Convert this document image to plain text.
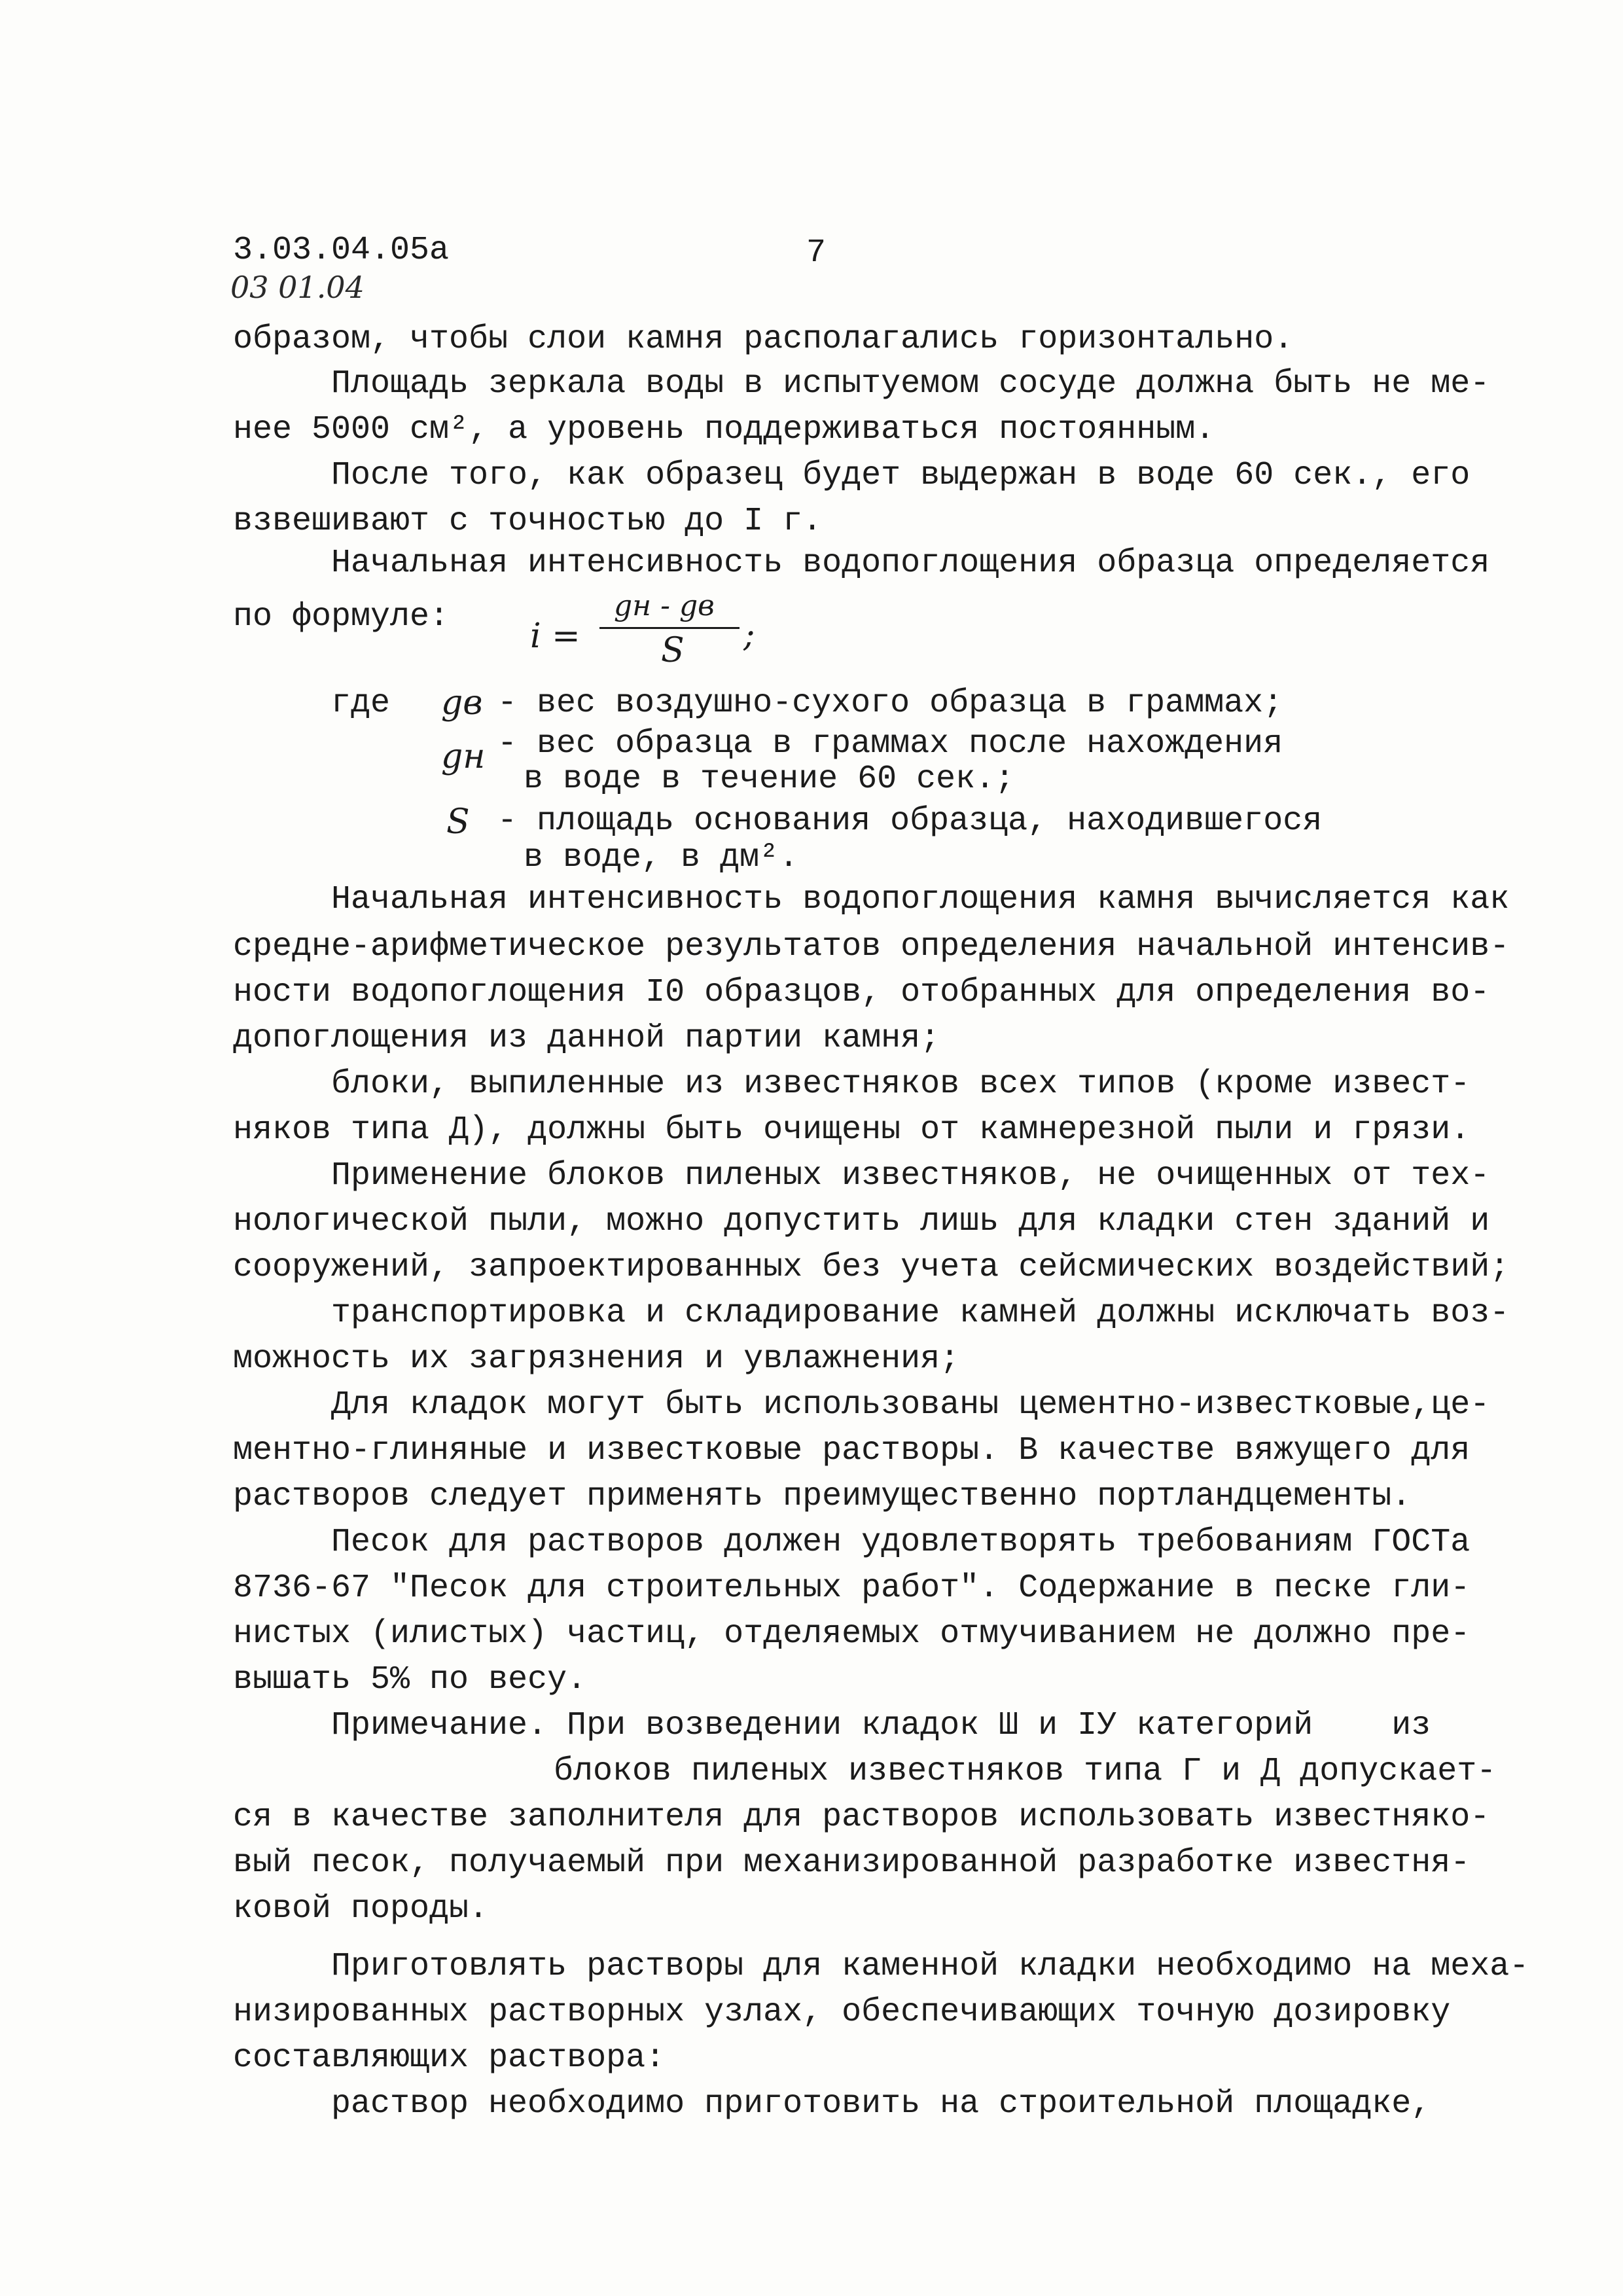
3.03.04.05а
03 01.04
7
образом, чтобы слои камня располагались горизонтально.
Площадь зеркала воды в испытуемом сосуде должна быть не ме-
нее 5000 см², а уровень поддерживаться постоянным.
После того, как образец будет выдержан в воде 60 сек., его
взвешивают с точностью до I г.
Начальная интенсивность водопоглощения образца определяется
по формуле: i =
gн - gв
S ;
где gв - вес воздушно-сухого образца в граммах;
gн - вес образца в граммах после нахождения
в воде в течение 60 сек.;
S - площадь основания образца, находившегося
в воде, в дм².
Начальная интенсивность водопоглощения камня вычисляется как
средне-арифметическое результатов определения начальной интенсив-
ности водопоглощения I0 образцов, отобранных для определения во-
допоглощения из данной партии камня;
блоки, выпиленные из известняков всех типов (кроме извест-
няков типа Д), должны быть очищены от камнерезной пыли и грязи.
Применение блоков пиленых известняков, не очищенных от тех-
нологической пыли, можно допустить лишь для кладки стен зданий и
сооружений, запроектированных без учета сейсмических воздействий;
транспортировка и складирование камней должны исключать воз-
можность их загрязнения и увлажнения;
Для кладок могут быть использованы цементно-известковые,це-
ментно-глиняные и известковые растворы. В качестве вяжущего для
растворов следует применять преимущественно портландцементы.
Песок для растворов должен удовлетворять требованиям ГОСТа
8736-67 "Песок для строительных работ". Содержание в песке гли-
нистых (илистых) частиц, отделяемых отмучиванием не должно пре-
вышать 5% по весу.
Примечание. При возведении кладок Ш и IУ категорий    из
блоков пиленых известняков типа Г и Д допускает-
ся в качестве заполнителя для растворов использовать известняко-
вый песок, получаемый при механизированной разработке известня-
ковой породы.
Приготовлять растворы для каменной кладки необходимо на меха-
низированных растворных узлах, обеспечивающих точную дозировку
составляющих раствора:
раствор необходимо приготовить на строительной площадке,
